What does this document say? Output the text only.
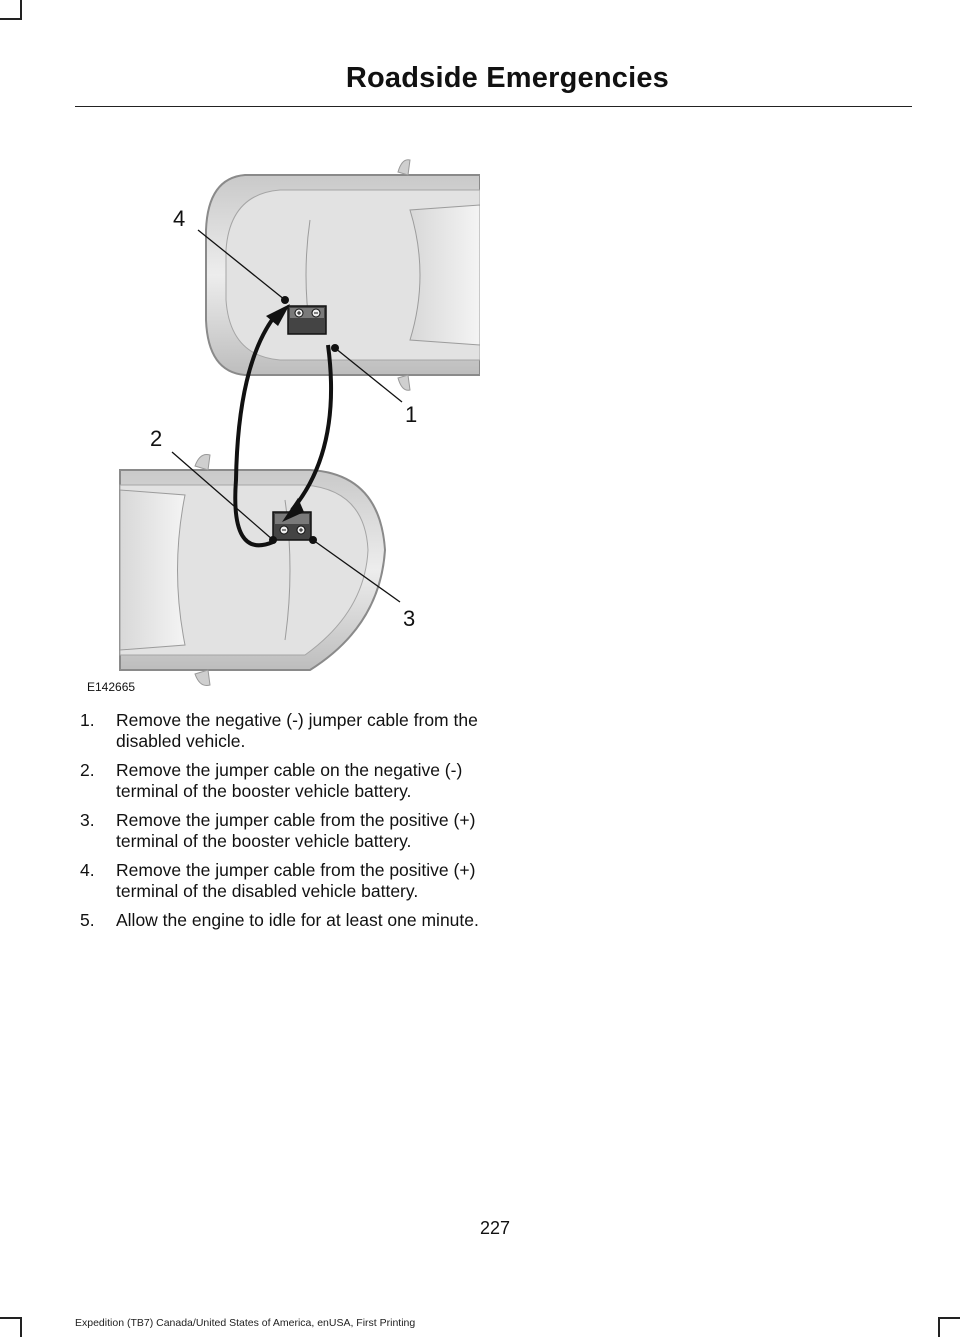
Roadside Emergencies
4
1
2
3
E142665
1.	Remove the negative (-) jumper cable from the disabled vehicle.
2.	Remove the jumper cable on the negative (-) terminal of the booster vehicle battery.
3.	Remove the jumper cable from the positive (+) terminal of the booster vehicle battery.
4.	Remove the jumper cable from the positive (+) terminal of the disabled vehicle battery.
5.	Allow the engine to idle for at least one minute.
227
Expedition (TB7) Canada/United States of America, enUSA, First Printing
